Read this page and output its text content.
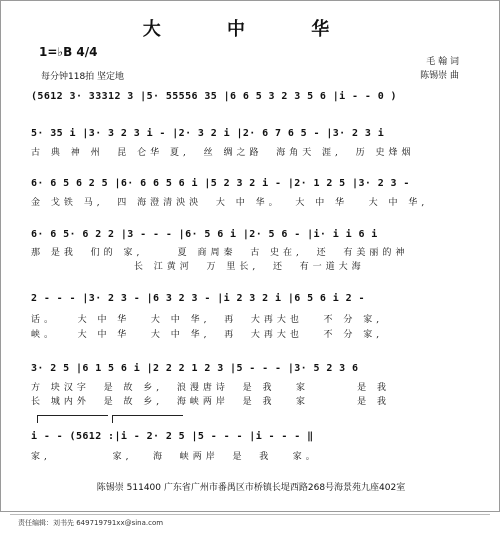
大 中 华
1=♭B 4/4
每分钟118拍 坚定地
毛 翰 词
陈锡崇 曲
(5612 3· 33312 3 |5· 55556 35 |6 6 5 3 2 3 5 6 |i - - 0 )
5· 35 i |3· 3 2 3 i - |2· 3 2 i |2· 6 7 6 5 - |3· 2 3 i
古 典 神 州  昆 仑华 夏,  丝 绸之路  海角天 涯,  历 史烽烟
6· 6 5 6 2 5 |6· 6 6 5 6 i |5 2 3 2 i - |2· 1 2 5 |3· 2 3 -
金 戈铁 马,  四 海澄清泱泱  大 中 华。  大 中 华   大 中 华,
6· 6 5· 6 2 2 |3 - - - |6· 5 6 i |2· 5 6 - |i· i i 6 i
那 是我  们的 家,     夏 商周秦  古 史在,  还  有美丽的神
长 江黄河  万 里长,  还  有一道大海
2 - - - |3· 2 3 - |6 3 2 3 - |i 2 3 2 i |6 5 6 i 2 -
话。   大 中 华   大 中 华,  再  大再大也   不 分 家,
峡。   大 中 华   大 中 华,  再  大再大也   不 分 家,
3· 2 5 |6 1 5 6 i |2 2 2 1 2 3 |5 - - - |3· 5 2 3 6
方 块汉字  是 故 乡,  浪漫唐诗  是 我   家       是 我
长 城内外  是 故 乡,  海峡两岸  是 我   家       是 我
i - - (5612 :|i - 2· 2 5 |5 - - - |i - - - ‖
家,         家,   海  峡两岸  是  我   家。
陈锡崇 511400 广东省广州市番禺区市桥镇长堤西路268号海景苑九座402室
责任编辑：刘书先 649719791xx@sina.com
